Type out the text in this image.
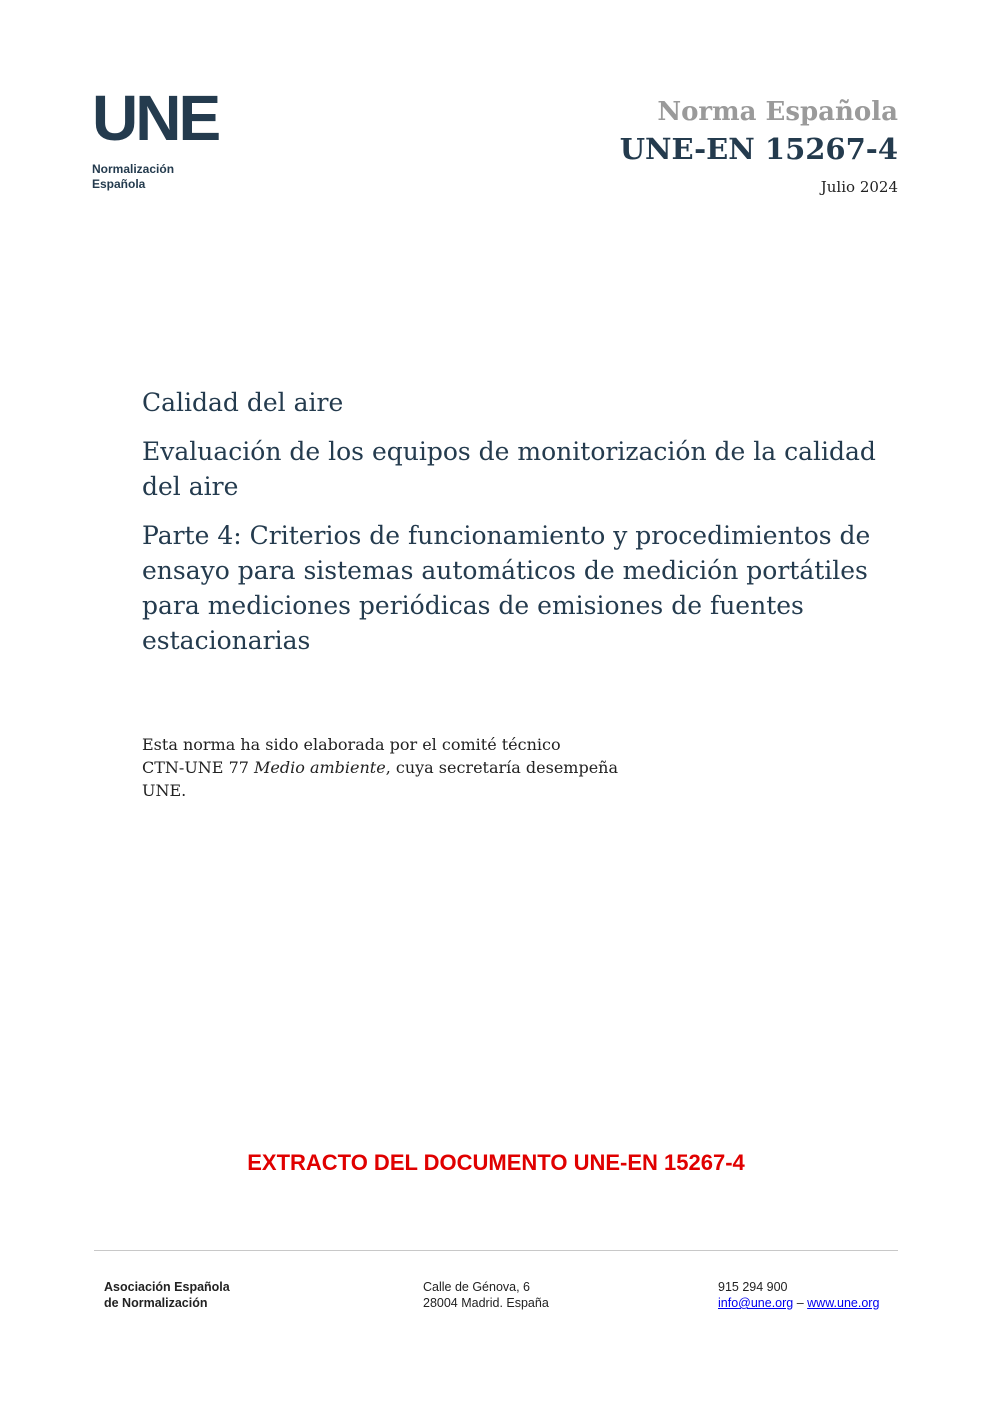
UNE
Normalización
Española
Norma Española
UNE-EN 15267-4
Julio 2024

Calidad del aire

Evaluación de los equipos de monitorización de la calidad del aire

Parte 4: Criterios de funcionamiento y procedimientos de ensayo para sistemas automáticos de medición portátiles para mediciones periódicas de emisiones de fuentes estacionarias

Esta norma ha sido elaborada por el comité técnico
CTN-UNE 77 Medio ambiente, cuya secretaría desempeña
UNE.
EXTRACTO DEL DOCUMENTO UNE-EN 15267-4
Asociación Española
de Normalización
Calle de Génova, 6
28004 Madrid. España
915 294 900
info@une.org – www.une.org
